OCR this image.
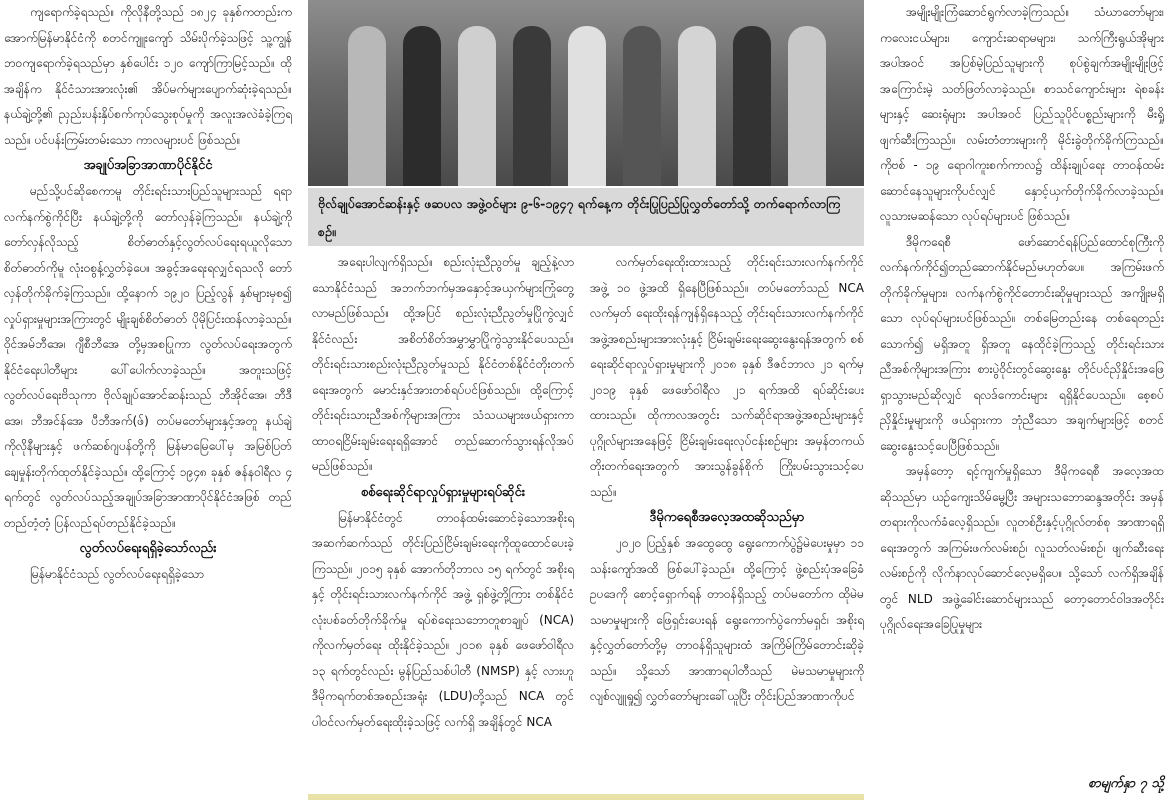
ကျရောက်ခဲ့ရသည်။ ကိုလိုနီတို့သည် ၁၈၂၄ ခုနှစ်ကတည်းက အောက်မြန်မာနိုင်ငံကို စတင်ကျူးကျော် သိမ်းပိုက်ခဲ့သဖြင့် သူ့ကျွန်ဘဝကျရောက်ခဲ့ရသည်မှာ နှစ်ပေါင်း ၁၂၀ ကျော်ကြာမြင့်သည်။ ထိုအချိန်က နိုင်ငံသားအားလုံး၏ အိပ်မက်များပျောက်ဆုံးခဲ့ရသည်။ နယ်ချဲ့တို့၏ ညှည်းပန်းနှိပ်စက်ကုပ်သွေးစုပ်မှုကို အလူးအလဲခံခဲ့ကြရသည်။ ပင်ပန်းကြမ်းတမ်းသော ကာလများပင် ဖြစ်သည်။

အချုပ်အခြာအာဏာပိုင်နိုင်ငံ

မည်သို့ပင်ဆိုစေကာမူ တိုင်းရင်းသားပြည်သူများသည် ရရာလက်နက်စွဲကိုင်ပြီး နယ်ချဲ့တို့ကို တော်လှန်ခဲ့ကြသည်။ နယ်ချဲ့ကိုတော်လှန်လိုသည့် စိတ်ဓာတ်နှင့်လွတ်လပ်ရေးရယူလိုသော စိတ်ဓာတ်ကိုမူ လုံးဝစွန့်လွှတ်ခဲ့ပေ။ အခွင့်အရေးရလျှင်ရသလို တော်လှန်တိုက်ခိုက်ခဲ့ကြသည်။ ထို့နောက် ၁၉၂၀ ပြည့်လွန် နှစ်များမှစ၍ လှုပ်ရှားမှုများအကြားတွင် မျိုးချစ်စိတ်ဓာတ် ပိုမိုပြင်းထန်လာခဲ့သည်။ ဝိုင်အမ်ဘီအေ၊ ဂျီစီဘီအေ တို့မှအစပြုကာ လွတ်လပ်ရေးအတွက် နိုင်ငံရေးပါတီများ ပေါ်ပေါက်လာခဲ့သည်။ အတူးသဖြင့် လွတ်လပ်ရေးဗိသုကာ ဗိုလ်ချုပ်အောင်ဆန်းသည် ဘီအိုင်အေ၊ ဘီဒီအေ၊ ဘီအင်န်အေ ပီဘီအက်(ဖ်) တပ်မတော်များနှင့်အတူ နယ်ချဲ့ကိုလိုနီများနှင့် ဖက်ဆစ်ဂျပန်တို့ကို မြန်မာမြေပေါ်မှ အမြစ်ပြတ် ချေမှုန်းတိုက်ထုတ်နိုင်ခဲ့သည်။ ထို့ကြောင့် ၁၉၄၈ ခုနှစ် ဇန်နဝါရီလ ၄ ရက်တွင် လွတ်လပ်သည့်အချုပ်အခြာအာဏာပိုင်နိုင်ငံအဖြစ် တည်တည်တံ့တံ့ ပြန်လည်ရပ်တည်နိုင်ခဲ့သည်။

လွတ်လပ်ရေးရရှိခဲ့သော်လည်း

မြန်မာနိုင်ငံသည် လွတ်လပ်ရေးရရှိခဲ့သော

ဗိုလ်ချုပ်အောင်ဆန်းနှင့် ဖဆပလ အဖွဲ့ဝင်များ ၉-၆-၁၉၄၇ ရက်နေ့က တိုင်းပြုပြည်ပြုလွှတ်တော်သို့ တက်ရောက်လာကြစဉ်။

အရေးပါလျက်ရှိသည်။ စည်းလုံးညီညွတ်မှု ချည့်နဲ့လာသောနိုင်ငံသည် အဘက်ဘက်မှအနှောင့်အယှက်များကြုံတွေ့လာမည်ဖြစ်သည်။ ထို့အပြင် စည်းလုံးညီညွတ်မှုပြိုကွဲလျှင် နိုင်ငံလည်း အစိတ်စိတ်အမွှာမွှာပြိုကွဲသွားနိုင်ပေသည်။ တိုင်းရင်းသားစည်းလုံးညီညွတ်မှုသည် နိုင်ငံတစ်နိုင်ငံတိုးတက်ရေးအတွက် မောင်းနှင်အားတစ်ရပ်ပင်ဖြစ်သည်။ ထို့ကြောင့် တိုင်းရင်းသားညီအစ်ကိုများအကြား သံသယများဖယ်ရှားကာ ထာဝရငြိမ်းချမ်းရေးရရှိအောင် တည်ဆောက်သွားရန်လိုအပ်မည်ဖြစ်သည်။

စစ်ရေးဆိုင်ရာလှုပ်ရှားမှုများရပ်ဆိုင်း

မြန်မာနိုင်ငံတွင် တာဝန်ထမ်းဆောင်ခဲ့သောအစိုးရအဆက်ဆက်သည် တိုင်းပြည်ငြိမ်းချမ်းရေးကိုထူထောင်ပေးခဲ့ကြသည်။ ၂၀၁၅ ခုနှစ် အောက်တိုဘာလ ၁၅ ရက်တွင် အစိုးရနှင့် တိုင်းရင်းသားလက်နက်ကိုင် အဖွဲ့ ရှစ်ဖွဲ့တို့ကြား တစ်နိုင်ငံလုံးပစ်ခတ်တိုက်ခိုက်မှု ရပ်စဲရေးသဘောတူစာချုပ် (NCA) ကိုလက်မှတ်ရေး ထိုးနိုင်ခဲ့သည်။ ၂၀၁၈ ခုနှစ် ဖေဖော်ဝါရီလ ၁၃ ရက်တွင်လည်း မွန်ပြည်သစ်ပါတီ (NMSP) နှင့် လားဟူ ဒီမိုကရက်တစ်အစည်းအရုံး (LDU)တို့သည် NCA တွင် ပါဝင်လက်မှတ်ရေးထိုးခဲ့သဖြင့် လက်ရှိ အချိန်တွင် NCA

လက်မှတ်ရေးထိုးထားသည့် တိုင်းရင်းသားလက်နက်ကိုင်အဖွဲ့ ၁၀ ဖွဲ့အထိ ရှိနေပြီဖြစ်သည်။ တပ်မတော်သည် NCA လက်မှတ် ရေးထိုးရန်ကျန်ရှိနေသည့် တိုင်းရင်းသားလက်နက်ကိုင်အဖွဲ့အစည်းများအားလုံးနှင့် ငြိမ်းချမ်းရေးဆွေးနွေးရန်အတွက် စစ်ရေးဆိုင်ရာလှုပ်ရှားမှုများကို ၂၀၁၈ ခုနှစ် ဒီဇင်ဘာလ ၂၁ ရက်မှ ၂၀၁၉ ခုနှစ် ဖေဖော်ဝါရီလ ၂၁ ရက်အထိ ရပ်ဆိုင်းပေးထားသည်။ ထိုကာလအတွင်း သက်ဆိုင်ရာအဖွဲ့အစည်းများနှင့် ပုဂ္ဂိုလ်များအနေဖြင့် ငြိမ်းချမ်းရေးလုပ်ငန်းစဉ်များ အမှန်တကယ် တိုးတက်ရေးအတွက် အားသွန်ခွန်စိုက် ကြိုးပမ်းသွားသင့်ပေသည်။

ဒီမိုကရေစီအလေ့အထဆိုသည်မှာ

၂၀၂၀ ပြည့်နှစ် အထွေထွေ ရွေးကောက်ပွဲ၌မဲပေးမှုမှာ ၁၁ သန်းကျော်အထိ ဖြစ်ပေါ်ခဲ့သည်။ ထို့ကြောင့် ဖွဲ့စည်းပုံအခြေခံဥပဒေကို စောင့်ရှောက်ရန် တာဝန်ရှိသည့် တပ်မတော်က ထိုမဲမသမာမှုများကို ဖြေရှင်းပေးရန် ရွေးကောက်ပွဲကော်မရှင်၊ အစိုးရနှင့်လွှတ်တော်တို့မှ တာဝန်ရှိသူများထံ အကြိမ်ကြိမ်တောင်းဆိုခဲ့သည်။ သို့သော် အာဏာရပါတီသည် မဲမသမာမှုများကို လျစ်လျူရှု၍ လွှတ်တော်များခေါ်ယူပြီး တိုင်းပြည်အာဏာကိုပင်

အမျိုးမျိုးကြံဆောင်ရွက်လာခဲ့ကြသည်။ သံဃာတော်များ၊ ကလေးငယ်များ၊ ကျောင်းဆရာမများ၊ သက်ကြီးရွယ်အိုများ အပါအဝင် အပြစ်မဲ့ပြည်သူများကို စုပ်စွဲချက်အမျိုးမျိုးဖြင့် အကြောင်းမဲ့ သတ်ဖြတ်လာခဲ့သည်။ စာသင်ကျောင်းများ ရဲစခန်းများနှင့် ဆေးရုံများ အပါအဝင် ပြည်သူပိုင်ပစ္စည်းများကို မီးရှို့ဖျက်ဆီးကြသည်။ လမ်းတံတားများကို မိုင်းခွဲတိုက်ခိုက်ကြသည်။ ကိုဗစ် - ၁၉ ရောဂါကူးစက်ကာလ၌ ထိန်းချုပ်ရေး တာဝန်ထမ်းဆောင်နေသူများကိုပင်လျှင် နှောင့်ယှက်တိုက်ခိုက်လာခဲ့သည်။ လူသားမဆန်သော လုပ်ရပ်များပင် ဖြစ်သည်။

ဒီမိုကရေစီ ဖော်ဆောင်ရန်ပြည်ထောင်စုကြီးကို လက်နက်ကိုင်၍တည်ဆောက်နိုင်မည်မဟုတ်ပေ။ အကြမ်းဖက်တိုက်ခိုက်မှုများ၊ လက်နက်စွဲကိုင်တောင်းဆိုမှုများသည် အကျိုးမရှိသော လုပ်ရပ်များပင်ဖြစ်သည်။ တစ်မြေတည်းနေ တစ်ရေတည်းသောက်၍ မရှိအတူ ရှိအတူ နေထိုင်ခဲ့ကြသည့် တိုင်းရင်းသားညီအစ်ကိုများအကြား စားပွဲဝိုင်းတွင်ဆွေးနွေး တိုင်ပင်ညှိနှိုင်းအဖြေရှာသွားမည်ဆိုလျှင် ရလဒ်ကောင်းများ ရရှိနိုင်ပေသည်။ စေ့စပ်ညှိနှိုင်းမှုများကို ဖယ်ရှားကာ ဘုံညီသော အချက်များဖြင့် စတင်ဆွေးနွေးသင့်ပေပြီဖြစ်သည်။

အမှန်တော့ ရင့်ကျက်မှုရှိသော ဒီမိုကရေစီ အလေ့အထဆိုသည်မှာ ယဉ်ကျေးသိမ်မွေ့ပြီး အများသဘောဆန္ဒအတိုင်း အမှန်တရားကိုလက်ခံလေ့ရှိသည်။ လူတစ်ဦးနှင့်ပုဂ္ဂိုလ်တစ်စု အာဏာရရှိရေးအတွက် အကြမ်းဖက်လမ်းစဉ်၊ လူသတ်လမ်းစဉ်၊ ဖျက်ဆီးရေးလမ်းစဉ်ကို လိုက်နာလုပ်ဆောင်လေ့မရှိပေ။ သို့သော် လက်ရှိအချိန်တွင် NLD အဖွဲ့ခေါင်းဆောင်များသည် တော့တောင်ဝါဒအတိုင်း ပုဂ္ဂိုလ်ရေးအခြေပြုမှုများ

စာမျက်နှာ ၇ သို့
